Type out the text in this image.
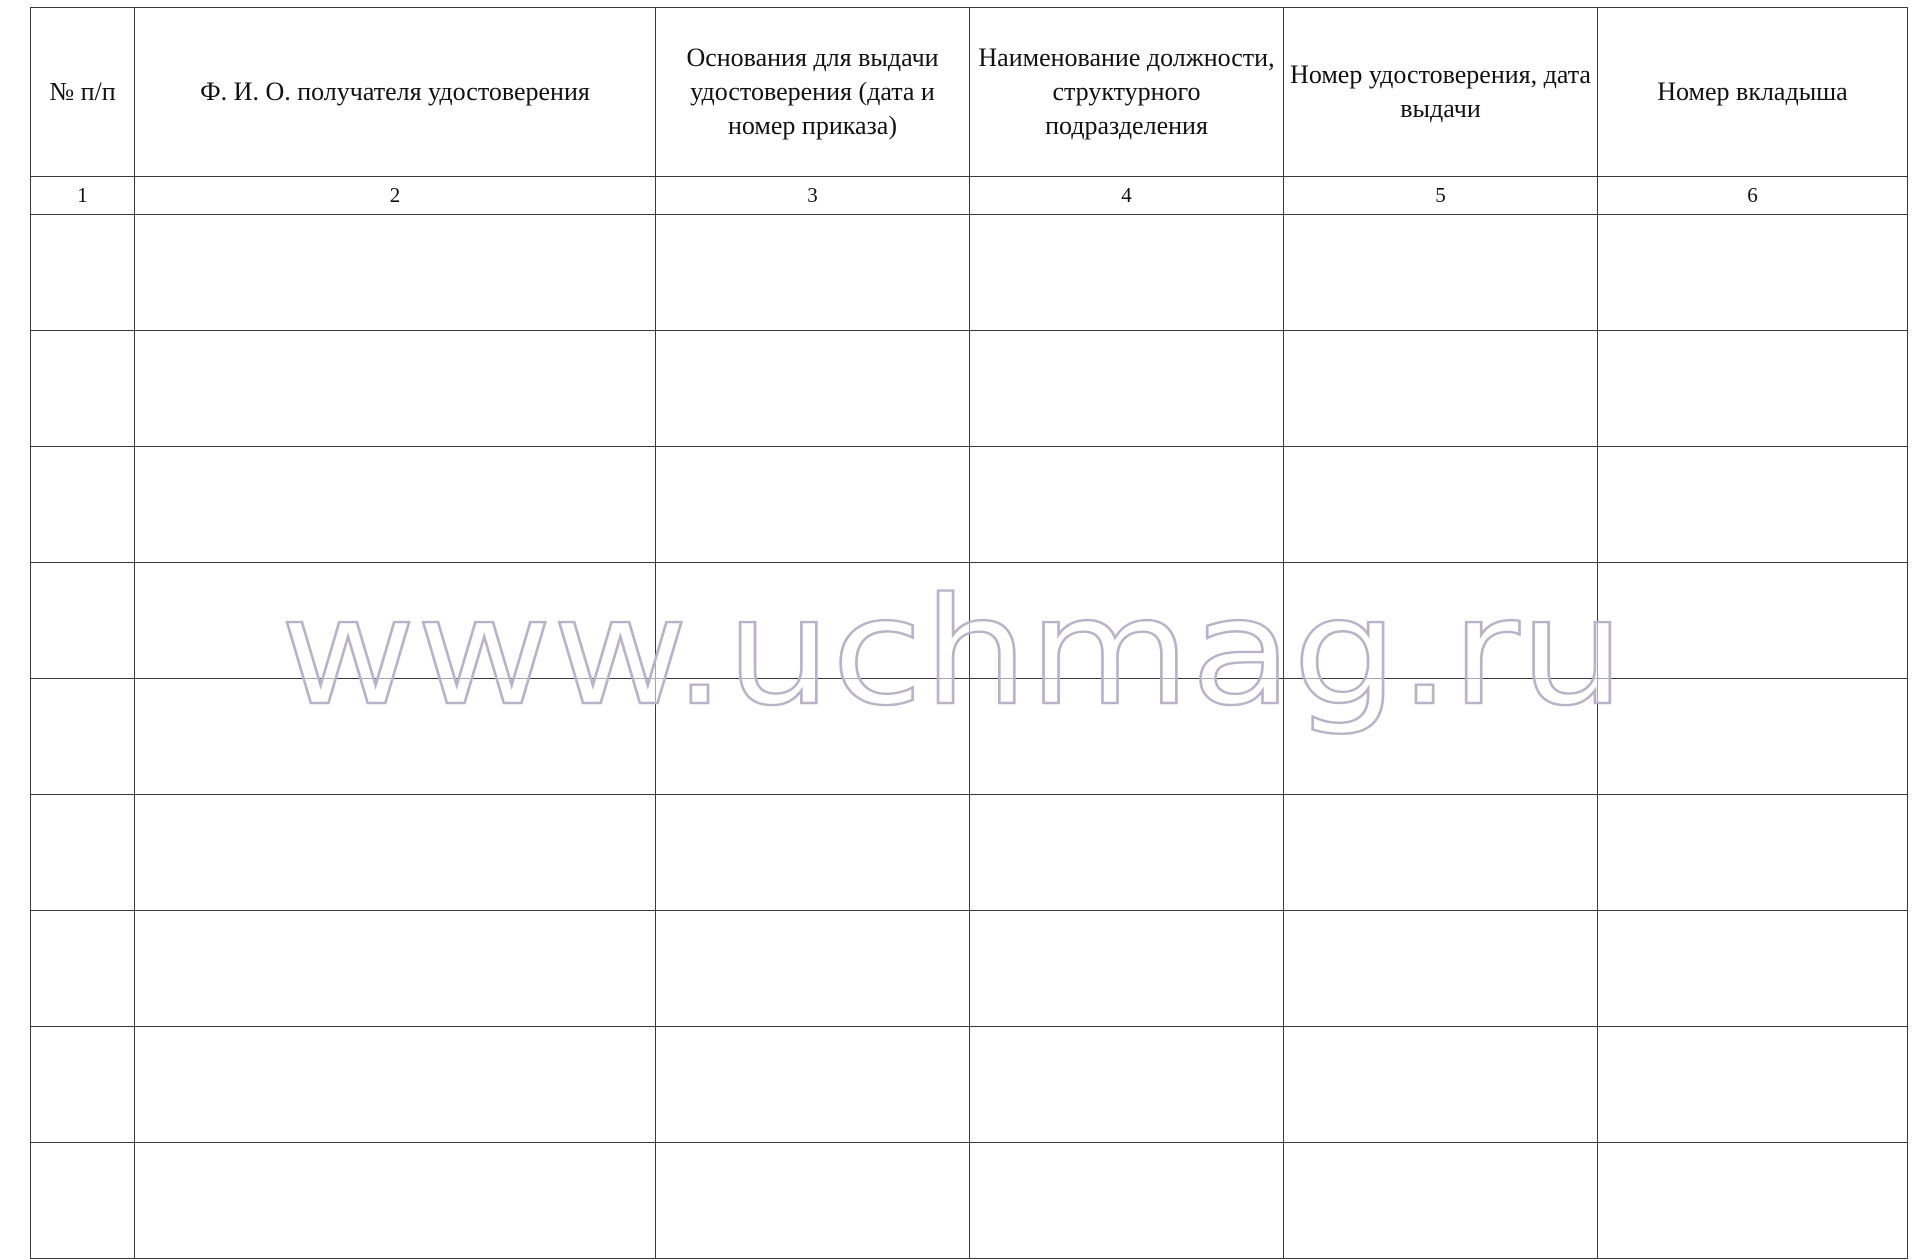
№ п/п	Ф. И. О. получателя удостоверения	Основания для выдачи удостоверения (дата и номер приказа)	Наименование должности, структурного подразделения	Номер удостоверения, дата выдачи	Номер вкладыша
1	2	3	4	5	6

www.uchmag.ru
